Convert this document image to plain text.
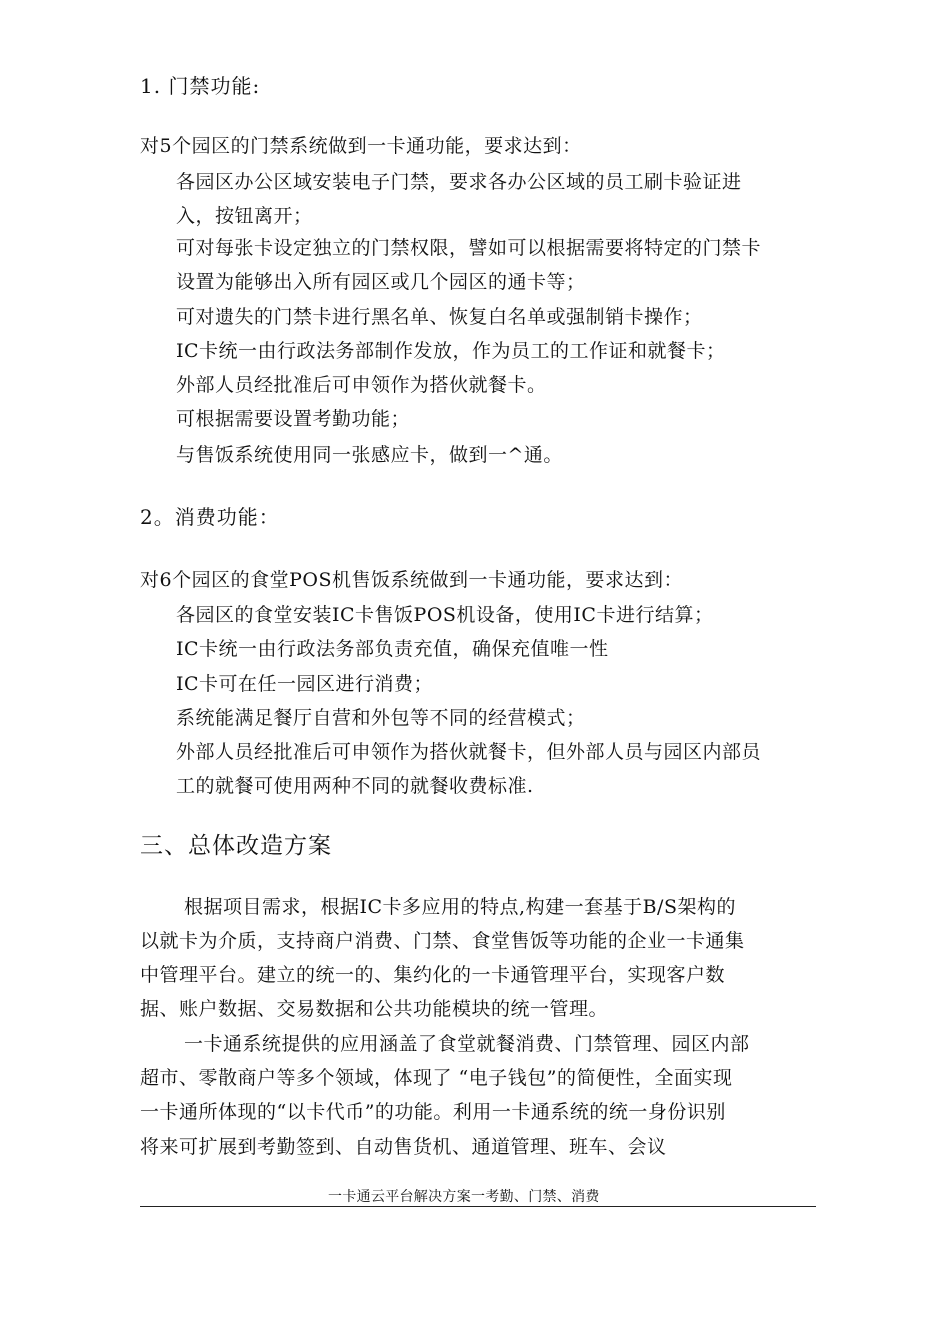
1. 门禁功能:
对5个园区的门禁系统做到一卡通功能，要求达到：
各园区办公区域安装电子门禁，要求各办公区域的员工刷卡验证进
入，按钮离开；
可对每张卡设定独立的门禁权限，譬如可以根据需要将特定的门禁卡
设置为能够出入所有园区或几个园区的通卡等；
可对遗失的门禁卡进行黑名单、恢复白名单或强制销卡操作；
IC卡统一由行政法务部制作发放，作为员工的工作证和就餐卡；
外部人员经批准后可申领作为搭伙就餐卡。
可根据需要设置考勤功能；
与售饭系统使用同一张感应卡，做到一^通。
2。消费功能：
对6个园区的食堂POS机售饭系统做到一卡通功能，要求达到：
各园区的食堂安装IC卡售饭POS机设备，使用IC卡进行结算；
IC卡统一由行政法务部负责充值，确保充值唯一性
IC卡可在任一园区进行消费；
系统能满足餐厅自营和外包等不同的经营模式；
外部人员经批准后可申领作为搭伙就餐卡，但外部人员与园区内部员
工的就餐可使用两种不同的就餐收费标准.
三、总体改造方案
根据项目需求，根据IC卡多应用的特点,构建一套基于B/S架构的
以就卡为介质，支持商户消费、门禁、食堂售饭等功能的企业一卡通集
中管理平台。建立的统一的、集约化的一卡通管理平台，实现客户数
据、账户数据、交易数据和公共功能模块的统一管理。
一卡通系统提供的应用涵盖了食堂就餐消费、门禁管理、园区内部
超市、零散商户等多个领域，体现了 “电子钱包”的简便性，全面实现
一卡通所体现的“以卡代币”的功能。利用一卡通系统的统一身份识别
将来可扩展到考勤签到、自动售货机、通道管理、班车、会议
一卡通云平台解决方案一考勤、门禁、消费
